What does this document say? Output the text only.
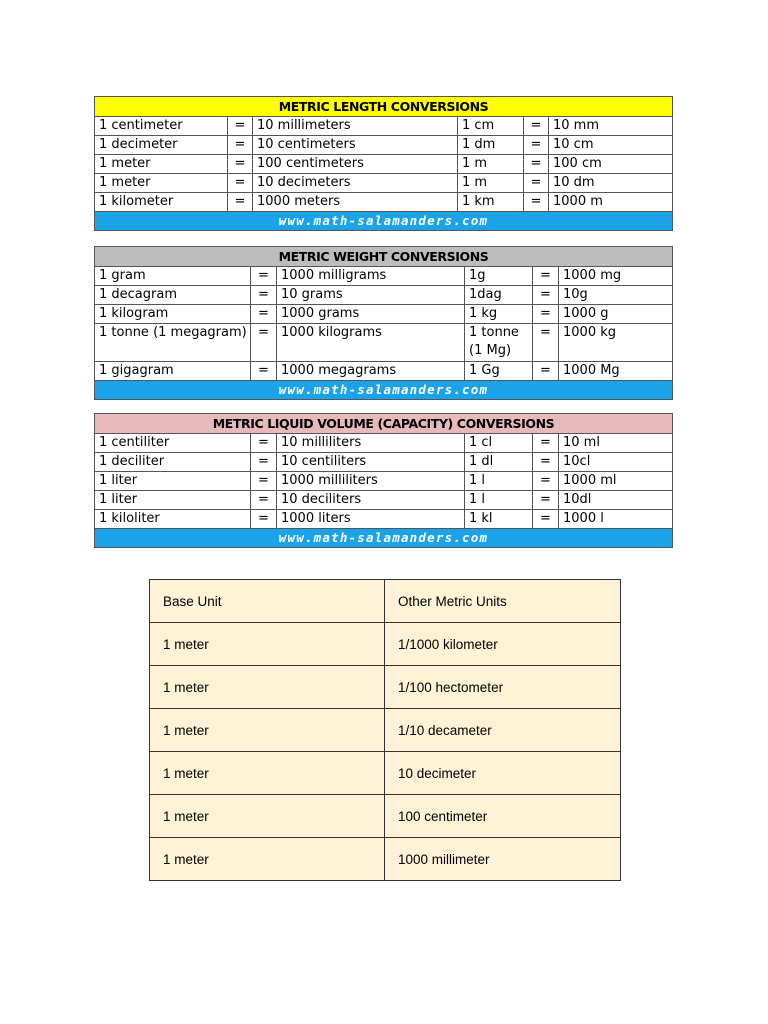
METRIC LENGTH CONVERSIONS					
1 centimeter	=	10 millimeters	1 cm	=	10 mm
1 decimeter	=	10 centimeters	1 dm	=	10 cm
1 meter	=	100 centimeters	1 m	=	100 cm
1 meter	=	10 decimeters	1 m	=	10 dm
1 kilometer	=	1000 meters	1 km	=	1000 m
www.math-salamanders.com					
METRIC WEIGHT CONVERSIONS					
1 gram	=	1000 milligrams	1g	=	1000 mg
1 decagram	=	10 grams	1dag	=	10g
1 kilogram	=	1000 grams	1 kg	=	1000 g
1 tonne (1 megagram)	=	1000 kilograms	1 tonne (1 Mg)	=	1000 kg
1 gigagram	=	1000 megagrams	1 Gg	=	1000 Mg
www.math-salamanders.com					
METRIC LIQUID VOLUME (CAPACITY) CONVERSIONS					
1 centiliter	=	10 milliliters	1 cl	=	10 ml
1 deciliter	=	10 centiliters	1 dl	=	10cl
1 liter	=	1000 milliliters	1 l	=	1000 ml
1 liter	=	10 deciliters	1 l	=	10dl
1 kiloliter	=	1000 liters	1 kl	=	1000 l
www.math-salamanders.com					
Base Unit	Other Metric Units
1 meter	1/1000 kilometer
1 meter	1/100 hectometer
1 meter	1/10 decameter
1 meter	10 decimeter
1 meter	100 centimeter
1 meter	1000 millimeter
